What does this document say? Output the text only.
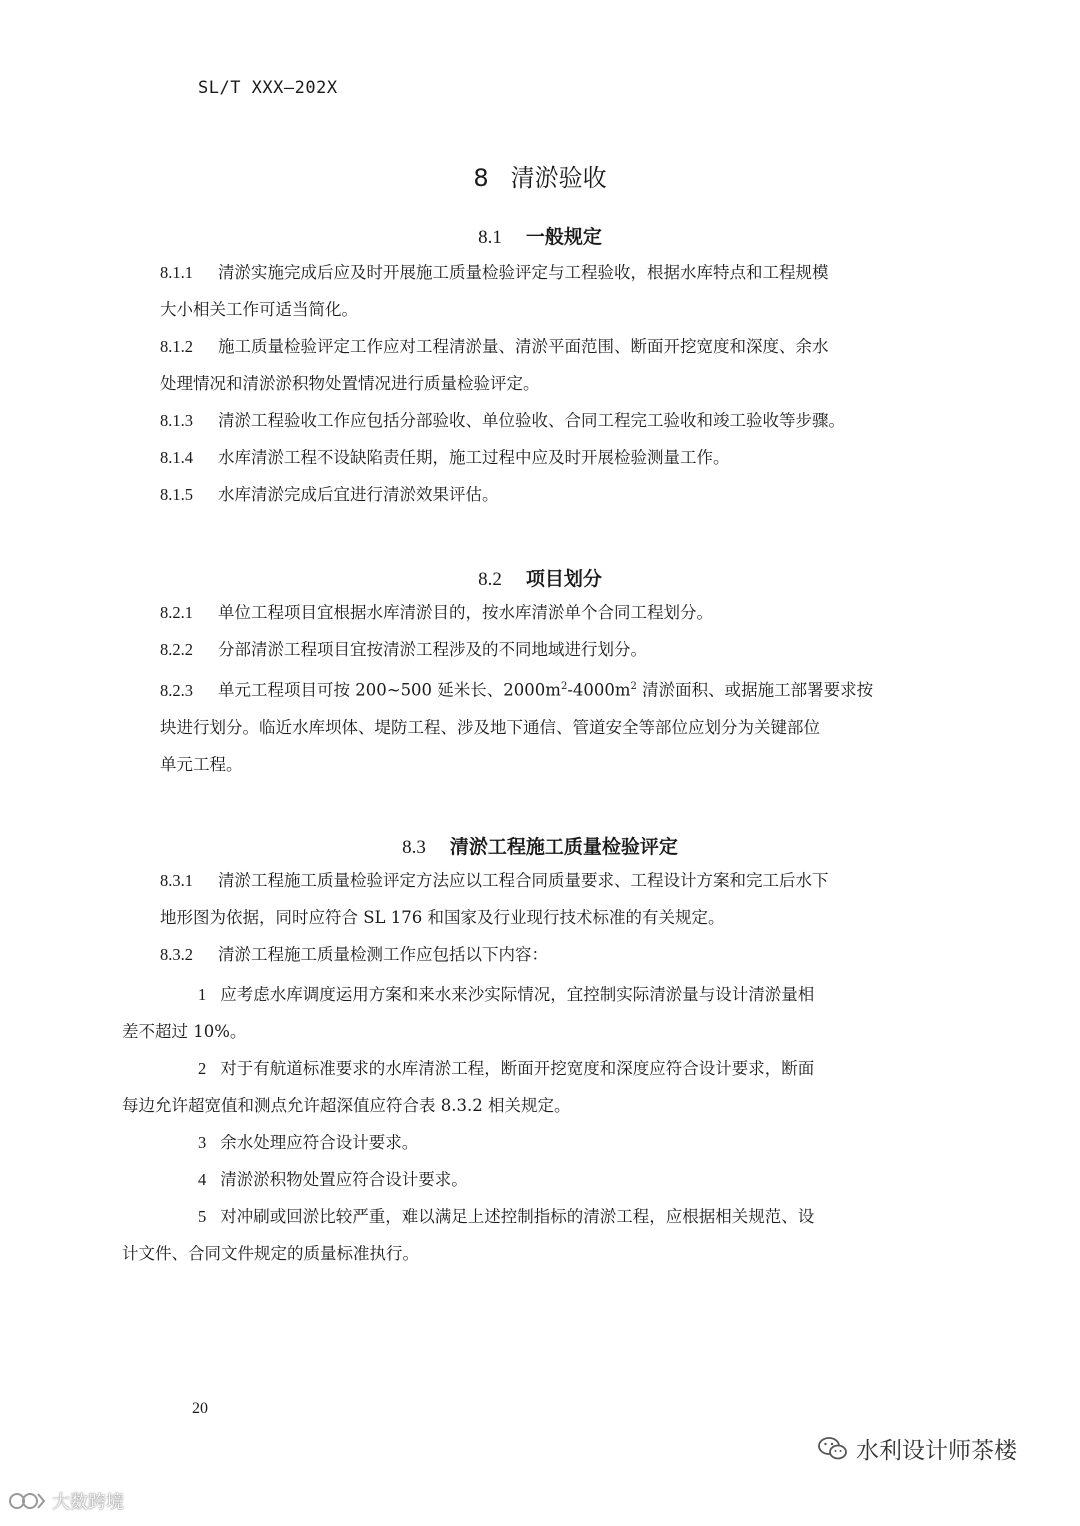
SL/T XXX—202X
8 清淤验收
8.1 一般规定
8.1.1 清淤实施完成后应及时开展施工质量检验评定与工程验收，根据水库特点和工程规模
大小相关工作可适当简化。
8.1.2 施工质量检验评定工作应对工程清淤量、清淤平面范围、断面开挖宽度和深度、余水
处理情况和清淤淤积物处置情况进行质量检验评定。
8.1.3 清淤工程验收工作应包括分部验收、单位验收、合同工程完工验收和竣工验收等步骤。
8.1.4 水库清淤工程不设缺陷责任期，施工过程中应及时开展检验测量工作。
8.1.5 水库清淤完成后宜进行清淤效果评估。
8.2 项目划分
8.2.1 单位工程项目宜根据水库清淤目的，按水库清淤单个合同工程划分。
8.2.2 分部清淤工程项目宜按清淤工程涉及的不同地域进行划分。
8.2.3 单元工程项目可按 200~500 延米长、$2000m^2-4000m^2$ 清淤面积、或据施工部署要求按
块进行划分。临近水库坝体、堤防工程、涉及地下通信、管道安全等部位应划分为关键部位
单元工程。
8.3 清淤工程施工质量检验评定
8.3.1 清淤工程施工质量检验评定方法应以工程合同质量要求、工程设计方案和完工后水下
地形图为依据，同时应符合 SL 176 和国家及行业现行技术标准的有关规定。
8.3.2 清淤工程施工质量检测工作应包括以下内容：
1 应考虑水库调度运用方案和来水来沙实际情况，宜控制实际清淤量与设计清淤量相
差不超过 10%。
2 对于有航道标准要求的水库清淤工程，断面开挖宽度和深度应符合设计要求，断面
每边允许超宽值和测点允许超深值应符合表 8.3.2 相关规定。
3 余水处理应符合设计要求。
4 清淤淤积物处置应符合设计要求。
5 对冲刷或回淤比较严重，难以满足上述控制指标的清淤工程，应根据相关规范、设
计文件、合同文件规定的质量标准执行。
20
大数跨境
水利设计师茶楼
